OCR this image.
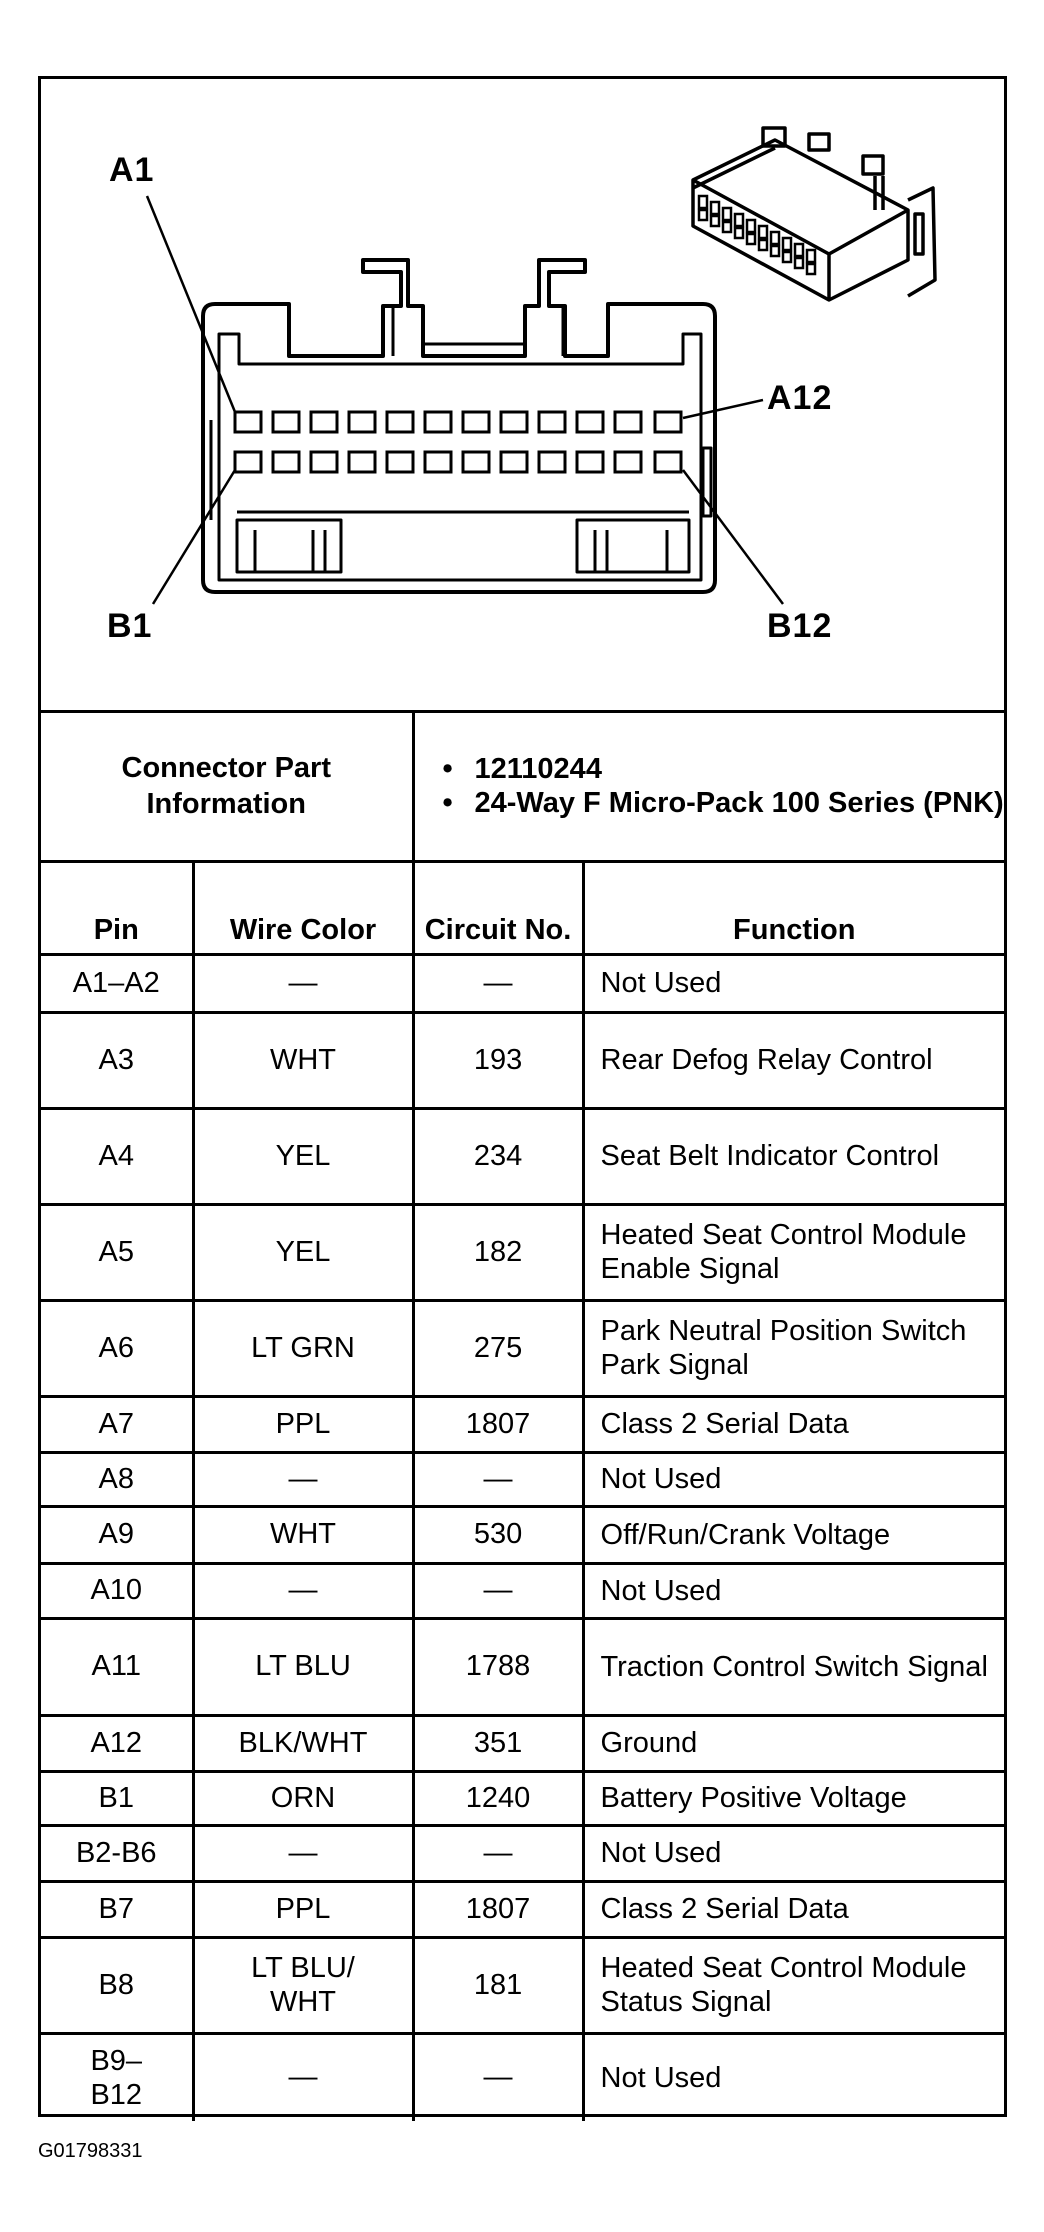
A1
A12
B1	B12
Connector Part Information	
• 12110244
• 24-Way F Micro-Pack 100 Series (PNK)

Pin	Wire Color	Circuit No.	Function
A1–A2	—	—	Not Used
A3	WHT	193	Rear Defog Relay Control
A4	YEL	234	Seat Belt Indicator Control
A5	YEL	182	Heated Seat Control Module Enable Signal
A6	LT GRN	275	Park Neutral Position Switch Park Signal
A7	PPL	1807	Class 2 Serial Data
A8	—	—	Not Used
A9	WHT	530	Off/Run/Crank Voltage
A10	—	—	Not Used
A11	LT BLU	1788	Traction Control Switch Signal
A12	BLK/WHT	351	Ground
B1	ORN	1240	Battery Positive Voltage
B2-B6	—	—	Not Used
B7	PPL	1807	Class 2 Serial Data
B8	LT BLU/ WHT	181	Heated Seat Control Module Status Signal
B9– B12	—	—	Not Used
G01798331
